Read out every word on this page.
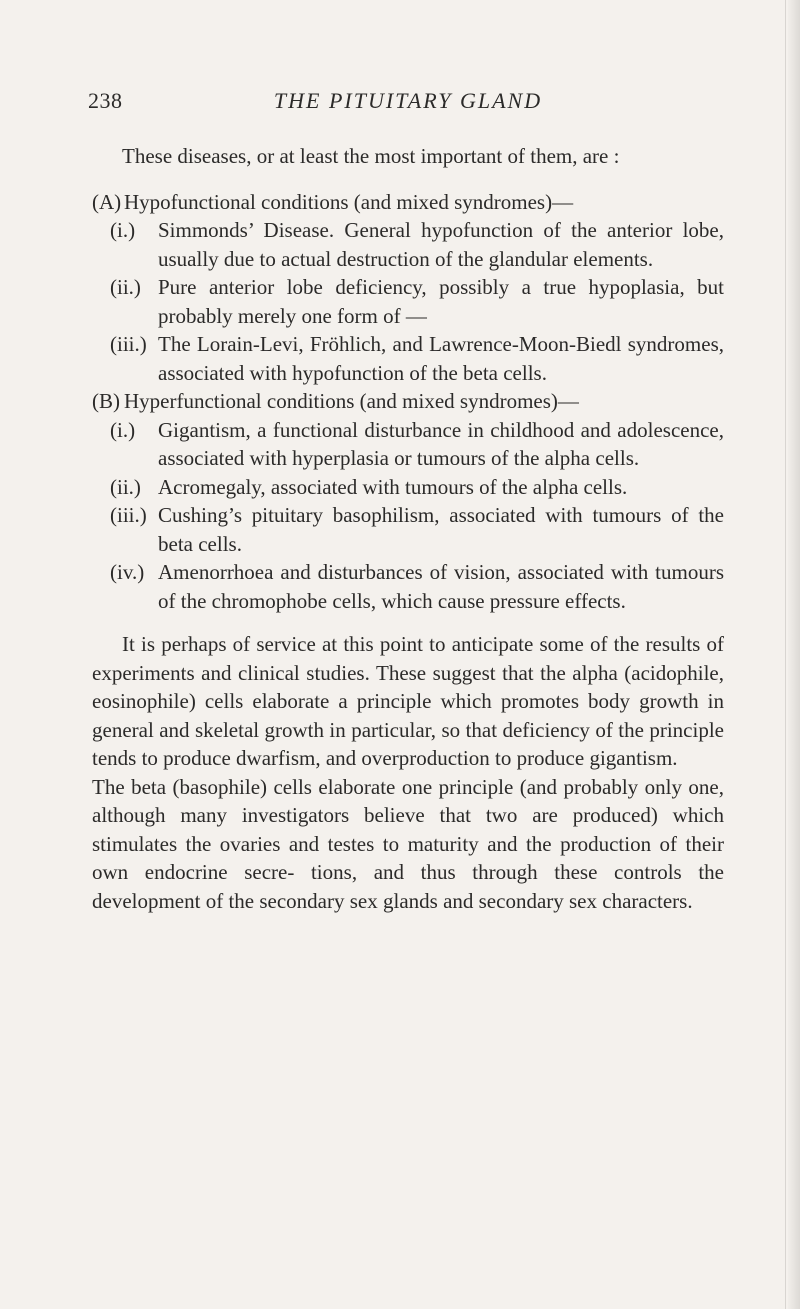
238	THE PITUITARY GLAND

These diseases, or at least the most important of them, are :

(A) Hypofunctional conditions (and mixed syndromes)—
(i.)	Simmonds’ Disease. General hypofunction of the anterior lobe, usually due to actual destruction of the glandular elements.
(ii.) Pure anterior lobe deficiency, possibly a true hypoplasia, but probably merely one form of —
(iii.) The Lorain-Levi, Fröhlich, and Lawrence-Moon-Biedl syndromes, associated with hypofunction of the beta cells.
(B) Hyperfunctional conditions (and mixed syndromes)—
(i.)	Gigantism, a functional disturbance in childhood and adolescence, associated with hyperplasia or tumours of the alpha cells.
(ii.) Acromegaly, associated with tumours of the alpha cells.
(iii.) Cushing’s pituitary basophilism, associated with tumours of the beta cells.
(iv.) Amenorrhoea and disturbances of vision, associated with tumours of the chromophobe cells, which cause pressure effects.

It is perhaps of service at this point to anticipate some of the results of experiments and clinical studies. These suggest that the alpha (acidophile, eosinophile) cells elaborate a principle which promotes body growth in general and skeletal growth in particular, so that deficiency of the principle tends to produce dwarfism, and overproduction to produce gigantism.

The beta (basophile) cells elaborate one principle (and probably only one, although many investigators believe that two are produced) which stimulates the ovaries and testes to maturity and the production of their own endocrine secre- tions, and thus through these controls the development of the secondary sex glands and secondary sex characters.
